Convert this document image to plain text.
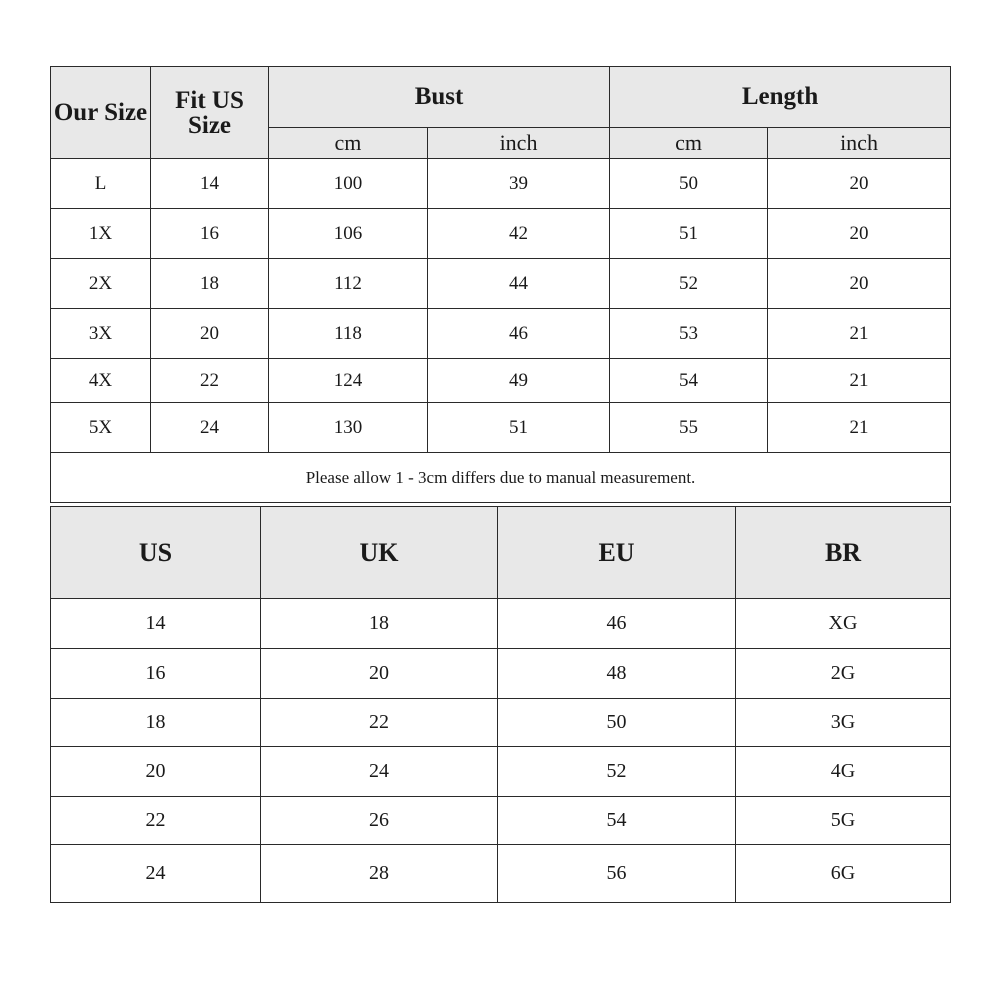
Our Size	Fit US Size	Bust		Length	
		cm	inch	cm	inch
L	14	100	39	50	20
1X	16	106	42	51	20
2X	18	112	44	52	20
3X	20	118	46	53	21
4X	22	124	49	54	21
5X	24	130	51	55	21
Please allow 1 - 3cm differs due to manual measurement.					
US	UK	EU	BR
14	18	46	XG
16	20	48	2G
18	22	50	3G
20	24	52	4G
22	26	54	5G
24	28	56	6G
